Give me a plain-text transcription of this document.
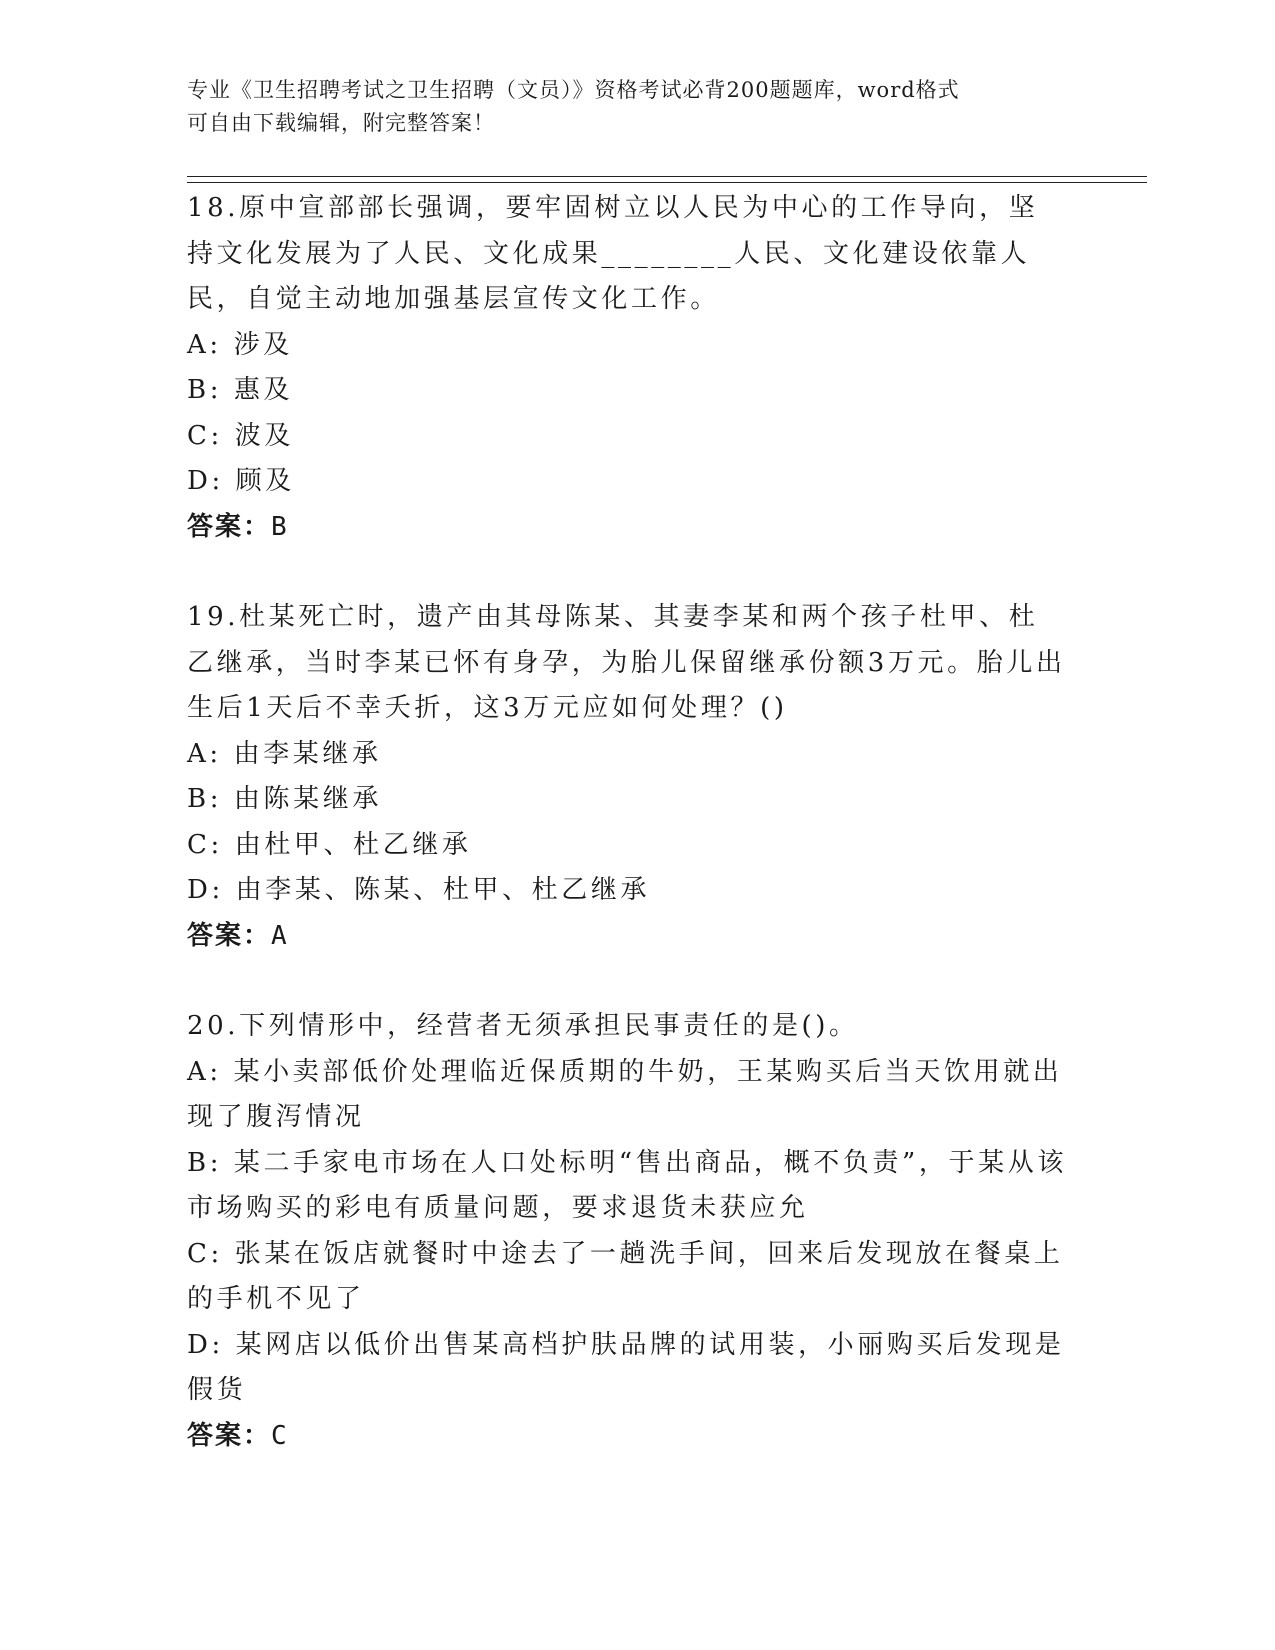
专业《卫生招聘考试之卫生招聘（文员）》资格考试必背200题题库，word格式
可自由下载编辑，附完整答案！

18.原中宣部部长强调，要牢固树立以人民为中心的工作导向，坚持文化发展为了人民、文化成果________人民、文化建设依靠人民，自觉主动地加强基层宣传文化工作。

A: 涉及

B: 惠及

C: 波及

D: 顾及

答案：B

19.杜某死亡时，遗产由其母陈某、其妻李某和两个孩子杜甲、杜乙继承，当时李某已怀有身孕，为胎儿保留继承份额3万元。胎儿出生后1天后不幸夭折，这3万元应如何处理？()

A: 由李某继承

B: 由陈某继承

C: 由杜甲、杜乙继承

D: 由李某、陈某、杜甲、杜乙继承

答案：A

20.下列情形中，经营者无须承担民事责任的是()。

A: 某小卖部低价处理临近保质期的牛奶，王某购买后当天饮用就出现了腹泻情况

B: 某二手家电市场在人口处标明“售出商品，概不负责”，于某从该市场购买的彩电有质量问题，要求退货未获应允

C: 张某在饭店就餐时中途去了一趟洗手间，回来后发现放在餐桌上的手机不见了

D: 某网店以低价出售某高档护肤品牌的试用装，小丽购买后发现是假货

答案：C
